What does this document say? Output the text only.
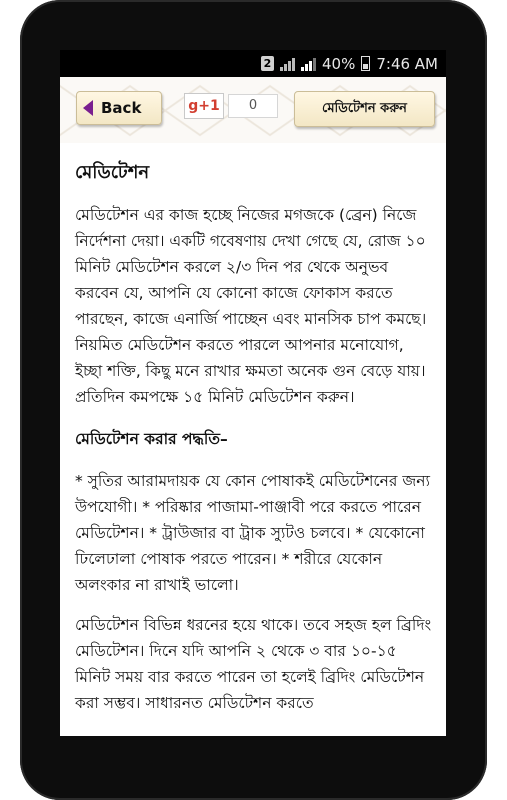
2	40% 7:46 AM
Back	মেডিটেশন করুন
g+1	0
মেডিটেশন

মেডিটেশন এর কাজ হচ্ছে নিজের মগজকে (ব্রেন) নিজে নির্দেশনা দেয়া। একটি গবেষণায় দেখা গেছে যে, রোজ ১০ মিনিট মেডিটেশন করলে ২/৩ দিন পর থেকে অনুভব করবেন যে, আপনি যে কোনো কাজে ফোকাস করতে পারছেন, কাজে এনার্জি পাচ্ছেন এবং মানসিক চাপ কমছে। নিয়মিত মেডিটেশন করতে পারলে আপনার মনোযোগ, ইচ্ছা শক্তি, কিছু মনে রাখার ক্ষমতা অনেক গুন বেড়ে যায়।প্রতিদিন কমপক্ষে ১৫ মিনিট মেডিটেশন করুন।

মেডিটেশন করার পদ্ধতি–

* সুতির আরামদায়ক যে কোন পোষাকই মেডিটেশনের জন্য উপযোগী। * পরিষ্কার পাজামা-পাঞ্জাবী পরে করতে পারেন মেডিটেশন। * ট্রাউজার বা ট্রাক স্যুটও চলবে। * যেকোনো ঢিলেঢালা পোষাক পরতে পারেন। * শরীরে যেকোন অলংকার না রাখাই ভালো।

মেডিটেশন বিভিন্ন ধরনের হয়ে থাকে। তবে সহজ হল ব্রিদিং মেডিটেশন। দিনে যদি আপনি ২ থেকে ৩ বার ১০-১৫ মিনিট সময় বার করতে পারেন তা হলেই ব্রিদিং মেডিটেশন করা সম্ভব। সাধারনত মেডিটেশন করতে
